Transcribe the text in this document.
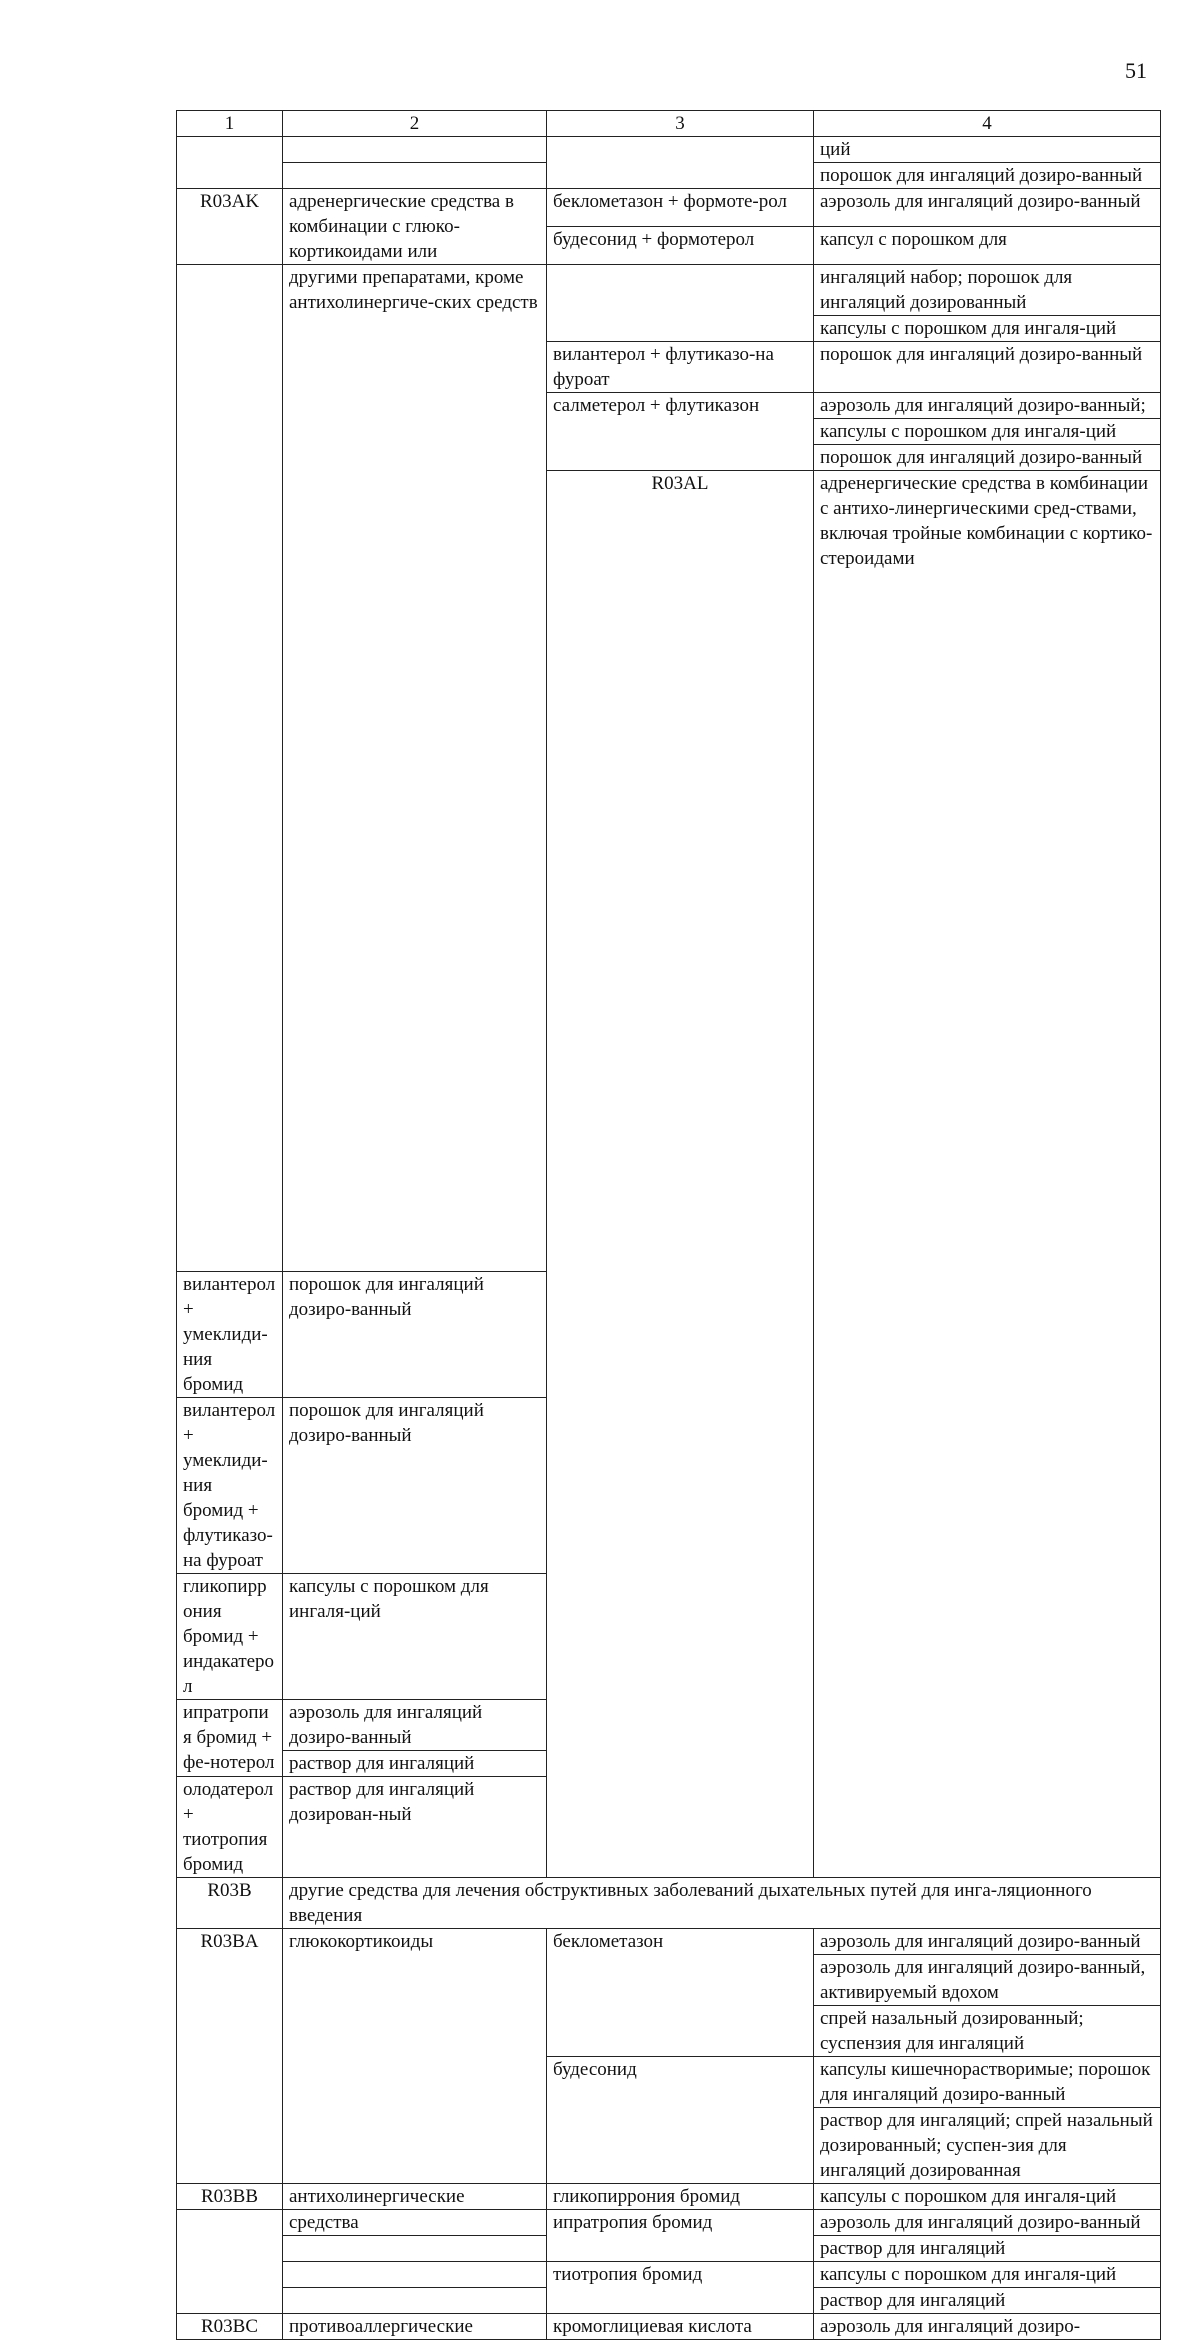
51
1	2	3	4	
			ций	
			порошок для ингаляций дозиро-ванный	
R03AK	адренергические средства в комбинации с глюко-кортикоидами или	беклометазон + формоте-рол	аэрозоль для ингаляций дозиро-ванный	
		будесонид + формотерол	капсул с порошком для	
	другими препаратами, кроме антихолинергиче-ских средств		ингаляций набор; порошок для ингаляций дозированный	
			капсулы с порошком для ингаля-ций	
		вилантерол + флутиказо-на фуроат	порошок для ингаляций дозиро-ванный	
		салметерол + флутиказон	аэрозоль для ингаляций дозиро-ванный;	
			капсулы с порошком для ингаля-ций	
			порошок для ингаляций дозиро-ванный	
		R03AL	адренергические средства в комбинации с антихо-линергическими сред-ствами, включая тройные комбинации с кортико-стероидами		
вилантерол + умеклиди-ния бромид	порошок для ингаляций дозиро-ванный			
вилантерол + умеклиди-ния бромид + флутиказо-на фуроат	порошок для ингаляций дозиро-ванный			
гликопиррония бромид + индакатерол	капсулы с порошком для ингаля-ций			
ипратропия бромид + фе-нотерол	аэрозоль для ингаляций дозиро-ванный			
	раствор для ингаляций			
олодатерол + тиотропия бромид	раствор для ингаляций дозирован-ный			
R03B	другие средства для лечения обструктивных заболеваний дыхательных путей для инга-ляционного введения			
R03BA	глюкокортикоиды	беклометазон	аэрозоль для ингаляций дозиро-ванный	
			аэрозоль для ингаляций дозиро-ванный, активируемый вдохом	
			спрей назальный дозированный; суспензия для ингаляций	
		будесонид	капсулы кишечнорастворимые; порошок для ингаляций дозиро-ванный	
			раствор для ингаляций; спрей назальный дозированный; суспен-зия для ингаляций дозированная	
R03BB	антихолинергические	гликопиррония бромид	капсулы с порошком для ингаля-ций	
	средства	ипратропия бромид	аэрозоль для ингаляций дозиро-ванный	
			раствор для ингаляций	
		тиотропия бромид	капсулы с порошком для ингаля-ций	
			раствор для ингаляций	
R03BC	противоаллергические	кромоглициевая кислота	аэрозоль для ингаляций дозиро-	
